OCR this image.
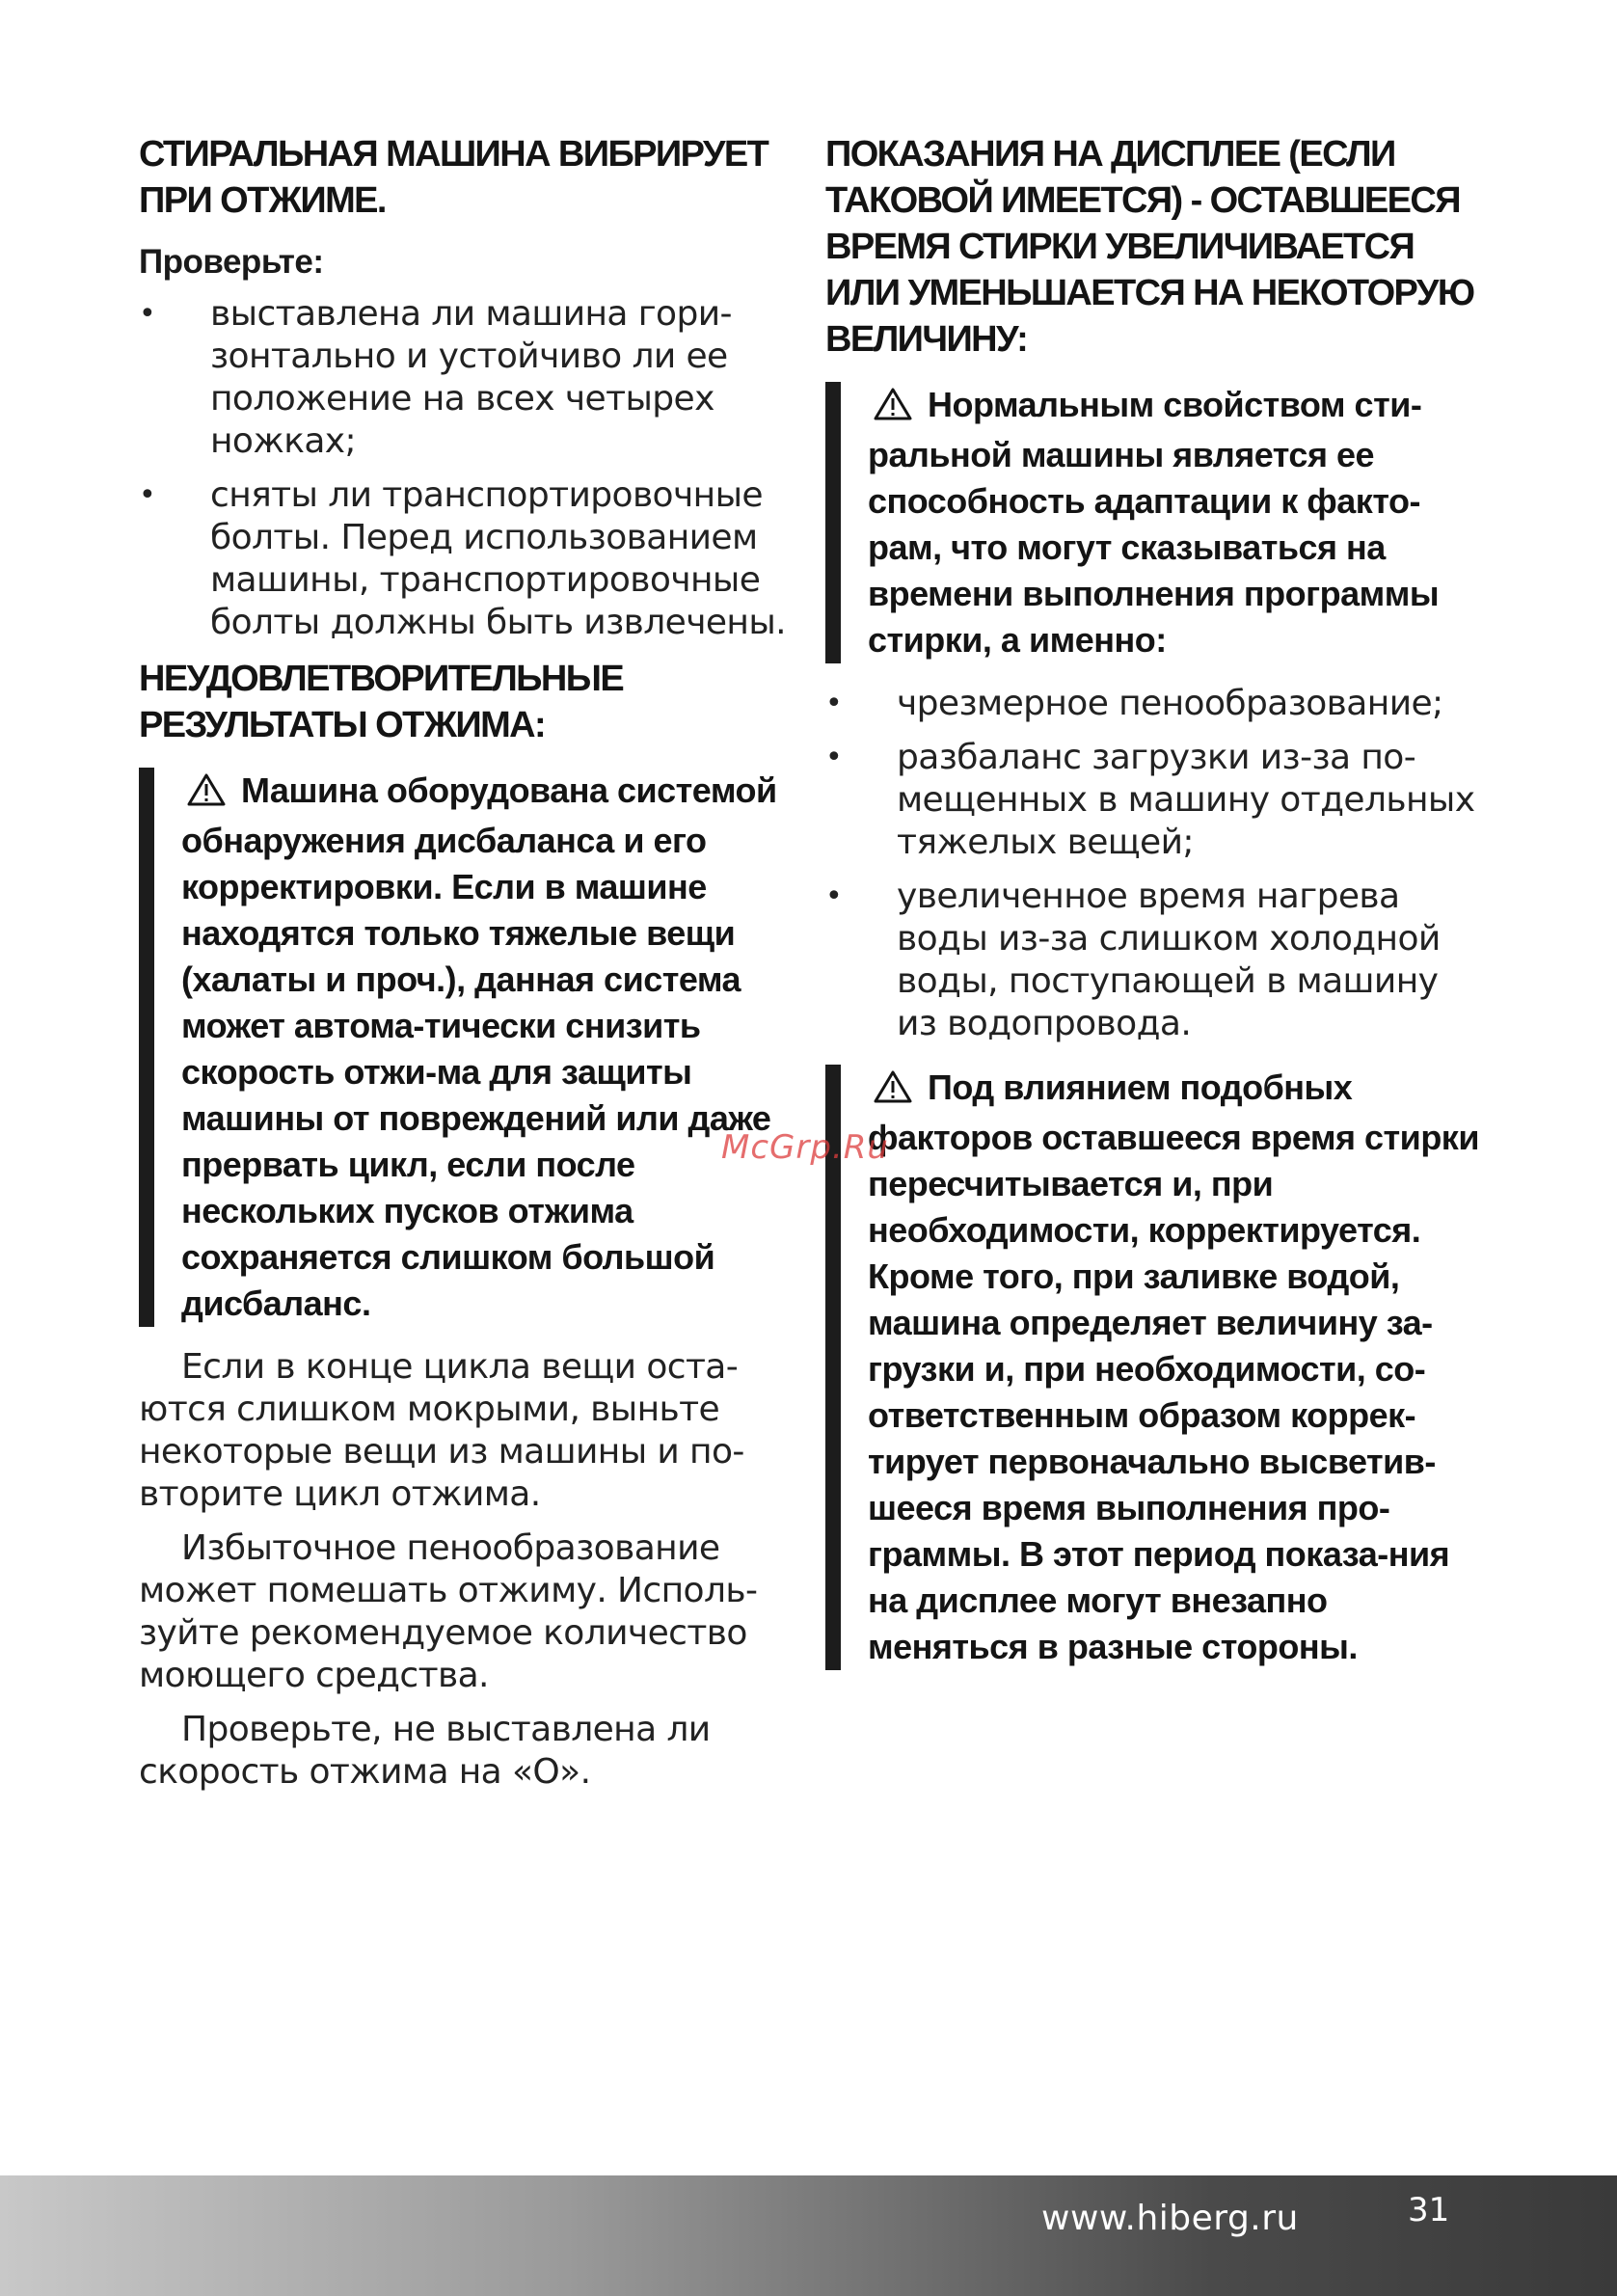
СТИРАЛЬНАЯ МАШИНА ВИБРИРУЕТ ПРИ ОТЖИМЕ.
Проверьте:
• выставлена ли машина гори-зонтально и устойчиво ли ее положение на всех четырех ножках;
• сняты ли транспортировочные болты. Перед использованием машины, транспортировочные болты должны быть извлечены.
НЕУДОВЛЕТВОРИТЕЛЬНЫЕ РЕЗУЛЬТАТЫ ОТЖИМА:
Машина оборудована системой обнаружения дисбаланса и его корректировки. Если в машине находятся только тяжелые вещи (халаты и проч.), данная система может автома-тически снизить скорость отжи-ма для защиты машины от повреждений или даже прервать цикл, если после нескольких пусков отжима сохраняется слишком большой дисбаланс.

Если в конце цикла вещи оста-ются слишком мокрыми, выньте некоторые вещи из машины и по-вторите цикл отжима.

Избыточное пенообразование может помешать отжиму. Исполь-зуйте рекомендуемое количество моющего средства.

Проверьте, не выставлена ли скорость отжима на «О».

ПОКАЗАНИЯ НА ДИСПЛЕЕ (ЕСЛИ ТАКОВОЙ ИМЕЕТСЯ) - ОСТАВШЕЕСЯ ВРЕМЯ СТИРКИ УВЕЛИЧИВАЕТСЯ ИЛИ УМЕНЬШАЕТСЯ НА НЕКОТОРУЮ ВЕЛИЧИНУ:
Нормальным свойством сти-ральной машины является ее способность адаптации к факто-рам, что могут сказываться на времени выполнения программы стирки, а именно:
• чрезмерное пенообразование;
• разбаланс загрузки из-за по-мещенных в машину отдельных тяжелых вещей;
• увеличенное время нагрева воды из-за слишком холодной воды, поступающей в машину из водопровода.
Под влиянием подобных факторов оставшееся время стирки пересчитывается и, при необходимости, корректируется. Кроме того, при заливке водой, машина определяет величину за-грузки и, при необходимости, со-ответственным образом коррек-тирует первоначально высветив-шееся время выполнения про-граммы. В этот период показа-ния на дисплее могут внезапно меняться в разные стороны.
McGrp.Ru
www.hiberg.ru	31
